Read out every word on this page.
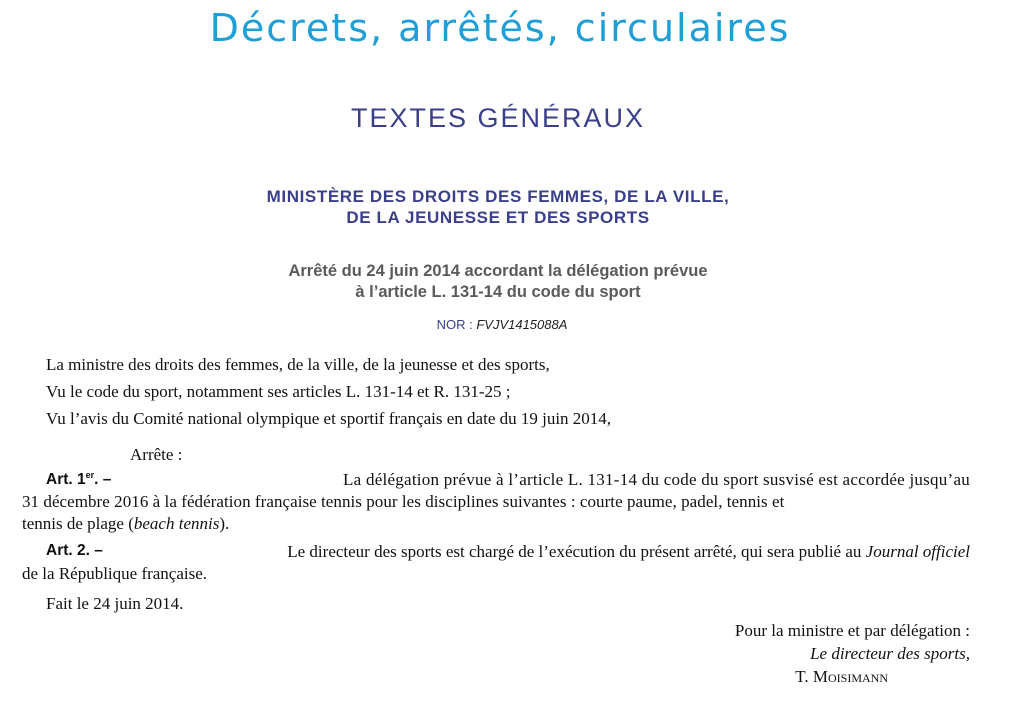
Décrets, arrêtés, circulaires
TEXTES GÉNÉRAUX
MINISTÈRE DES DROITS DES FEMMES, DE LA VILLE,
DE LA JEUNESSE ET DES SPORTS
Arrêté du 24 juin 2014 accordant la délégation prévue
à l’article L. 131-14 du code du sport
NOR : FVJV1415088A
La ministre des droits des femmes, de la ville, de la jeunesse et des sports,
Vu le code du sport, notamment ses articles L. 131-14 et R. 131-25 ;
Vu l’avis du Comité national olympique et sportif français en date du 19 juin 2014,
Arrête :
Art. 1er. –	La délégation prévue à l’article L. 131-14 du code du sport susvisé est accordée jusqu’au
31 décembre 2016 à la fédération française tennis pour les disciplines suivantes : courte paume, padel, tennis et
tennis de plage (beach tennis).
Art. 2. –	Le directeur des sports est chargé de l’exécution du présent arrêté, qui sera publié au Journal officiel
de la République française.
Fait le 24 juin 2014.
Pour la ministre et par délégation :
Le directeur des sports,
T. Moisimann
